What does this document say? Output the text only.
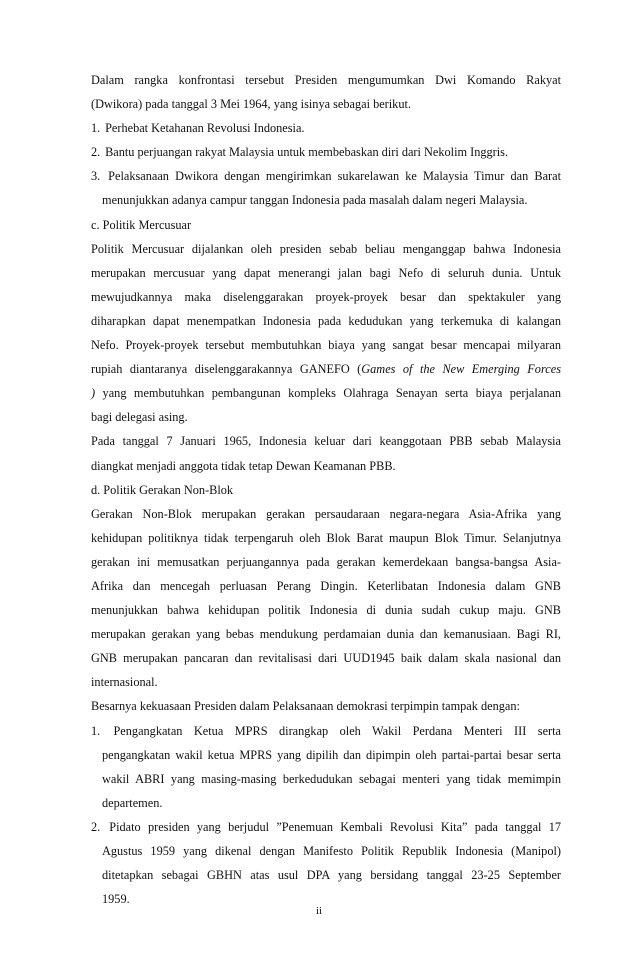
Dalam rangka konfrontasi tersebut Presiden mengumumkan Dwi Komando Rakyat

(Dwikora) pada tanggal 3 Mei 1964, yang isinya sebagai berikut.

1. Perhebat Ketahanan Revolusi Indonesia.

2. Bantu perjuangan rakyat Malaysia untuk membebaskan diri dari Nekolim Inggris.

3. Pelaksanaan Dwikora dengan mengirimkan sukarelawan ke Malaysia Timur dan Barat

menunjukkan adanya campur tanggan Indonesia pada masalah dalam negeri Malaysia.

c. Politik Mercusuar

Politik Mercusuar dijalankan oleh presiden sebab beliau menganggap bahwa Indonesia

merupakan mercusuar yang dapat menerangi jalan bagi Nefo di seluruh dunia. Untuk

mewujudkannya maka diselenggarakan proyek-proyek besar dan spektakuler yang

diharapkan dapat menempatkan Indonesia pada kedudukan yang terkemuka di kalangan

Nefo. Proyek-proyek tersebut membutuhkan biaya yang sangat besar mencapai milyaran

rupiah diantaranya diselenggarakannya GANEFO (Games of the New Emerging Forces

) yang membutuhkan pembangunan kompleks Olahraga Senayan serta biaya perjalanan

bagi delegasi asing.

Pada tanggal 7 Januari 1965, Indonesia keluar dari keanggotaan PBB sebab Malaysia

diangkat menjadi anggota tidak tetap Dewan Keamanan PBB.

d. Politik Gerakan Non-Blok

Gerakan Non-Blok merupakan gerakan persaudaraan negara-negara Asia-Afrika yang

kehidupan politiknya tidak terpengaruh oleh Blok Barat maupun Blok Timur. Selanjutnya

gerakan ini memusatkan perjuangannya pada gerakan kemerdekaan bangsa-bangsa Asia-

Afrika dan mencegah perluasan Perang Dingin. Keterlibatan Indonesia dalam GNB

menunjukkan bahwa kehidupan politik Indonesia di dunia sudah cukup maju. GNB

merupakan gerakan yang bebas mendukung perdamaian dunia dan kemanusiaan. Bagi RI,

GNB merupakan pancaran dan revitalisasi dari UUD1945 baik dalam skala nasional dan

internasional.

Besarnya kekuasaan Presiden dalam Pelaksanaan demokrasi terpimpin tampak dengan:

1. Pengangkatan Ketua MPRS dirangkap oleh Wakil Perdana Menteri III serta

pengangkatan wakil ketua MPRS yang dipilih dan dipimpin oleh partai-partai besar serta

wakil ABRI yang masing-masing berkedudukan sebagai menteri yang tidak memimpin

departemen.

2. Pidato presiden yang berjudul ”Penemuan Kembali Revolusi Kita” pada tanggal 17

Agustus 1959 yang dikenal dengan Manifesto Politik Republik Indonesia (Manipol)

ditetapkan sebagai GBHN atas usul DPA yang bersidang tanggal 23-25 September

1959.

ii
